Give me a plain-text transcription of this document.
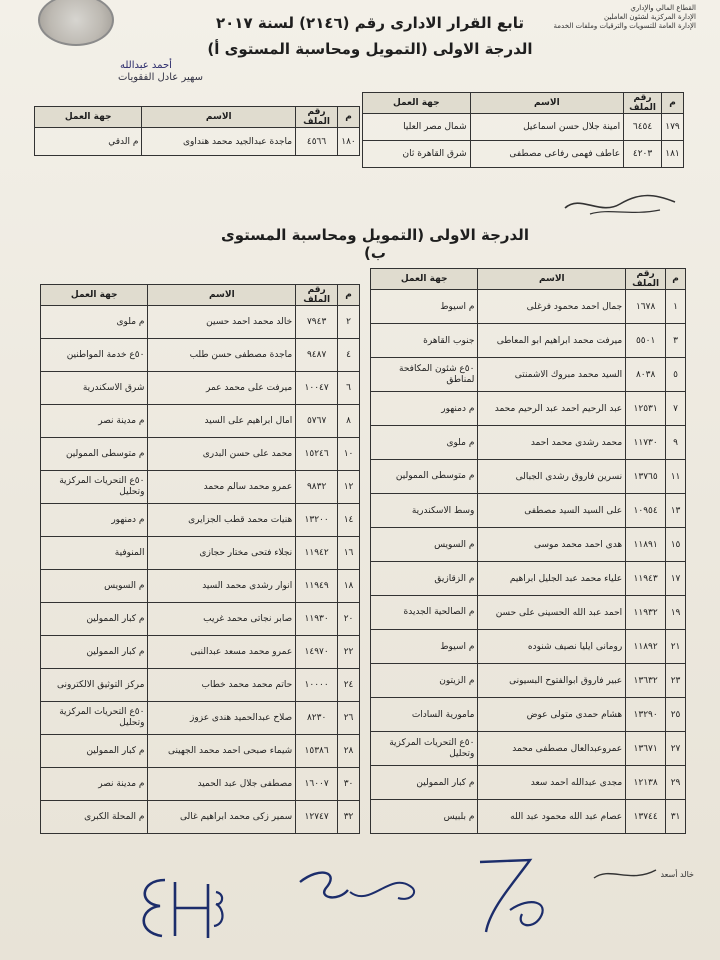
القطاع المالي والإداري
الإدارة المركزية لشئون العاملين
الإدارة العامة للتسويات والترقيات وملفات الخدمة
تابع القرار الادارى رقم (٢١٤٦) لسنة ٢٠١٧
الدرجة الاولى (التمويل ومحاسبة المستوى أ)
أحمد عبدالله
سهير عادل الفقويات
م	رقم الملف	الاسم	جهة العمل
١٧٩	٦٤٥٤	امينة جلال حسن اسماعيل	شمال مصر العليا
١٨١	٤٢٠٣	عاطف فهمى رفاعى مصطفى	شرق القاهرة ثان
م	رقم الملف	الاسم	جهة العمل
١٨٠	٤٥٦٦	ماجدة عبدالجيد محمد هنداوى	م الدقي
الدرجة الاولى (التمويل ومحاسبة المستوى ب)
م	رقم الملف	الاسم	جهة العمل
١	١٦٧٨	جمال احمد محمود فرغلى	م اسيوط
٣	٥٥٠١	ميرفت محمد ابراهيم ابو المعاطى	جنوب القاهرة
٥	٨٠٣٨	السيد محمد مبروك الاشمنتى	٥٠ع شئون المكافحة لمناطق
٧	١٢٥٣١	عبد الرحيم احمد عبد الرحيم محمد	م دمنهور
٩	١١٧٣٠	محمد رشدى محمد احمد	م ملوى
١١	١٣٧٦٥	نسرين فاروق رشدى الجبالى	م متوسطى الممولين
١٣	١٠٩٥٤	على السيد السيد مصطفى	وسط الاسكندرية
١٥	١١٨٩١	هدى احمد محمد موسى	م السويس
١٧	١١٩٤٣	علياء محمد عبد الجليل ابراهيم	م الزقازيق
١٩	١١٩٣٢	احمد عبد الله الحسينى على حسن	م الصالحية الجديدة
٢١	١١٨٩٢	رومانى ايليا نصيف شنوده	م اسيوط
٢٣	١٣٦٣٢	عبير فاروق ابوالفتوح البسيونى	م الزيتون
٢٥	١٣٢٩٠	هشام حمدى متولى عوض	مامورية السادات
٢٧	١٣٦٧١	عمروعبدالعال مصطفى محمد	٥٠ع التحريات المركزية وتحليل
٢٩	١٢١٣٨	مجدى عبدالله احمد سعد	م كبار الممولين
٣١	١٣٧٤٤	عصام عبد الله محمود عبد الله	م بلبيس
م	رقم الملف	الاسم	جهة العمل
٢	٧٩٤٣	خالد محمد احمد حسين	م ملوى
٤	٩٤٨٧	ماجدة مصطفى حسن طلب	٥٠ع خدمة المواطنين
٦	١٠٠٤٧	ميرفت على محمد عمر	شرق الاسكندرية
٨	٥٧٦٧	امال ابراهيم على السيد	م مدينة نصر
١٠	١٥٢٤٦	محمد على حسن البدرى	م متوسطى الممولين
١٢	٩٨٣٢	عمرو محمد سالم محمد	٥٠ع التحريات المركزية وتحليل
١٤	١٣٢٠٠	هنيات محمد قطب الجزايرى	م دمنهور
١٦	١١٩٤٢	نجلاء فتحى مختار حجازى	المنوفية
١٨	١١٩٤٩	انوار رشدى محمد السيد	م السويس
٢٠	١١٩٣٠	صابر نجاتى محمد غريب	م كبار الممولين
٢٢	١٤٩٧٠	عمرو محمد مسعد عبدالنبى	م كبار الممولين
٢٤	١٠٠٠٠	حاتم محمد محمد خطاب	مركز التوثيق الالكترونى
٢٦	٨٢٣٠	صلاح عبدالحميد هندى عزوز	٥٠ع التحريات المركزية وتحليل
٢٨	١٥٣٨٦	شيماء صبحى احمد محمد الجهينى	م كبار الممولين
٣٠	١٦٠٠٧	مصطفى جلال عبد الحميد	م مدينة نصر
٣٢	١٢٧٤٧	سمير زكى محمد ابراهيم غالى	م المحلة الكبرى
خالد أسعد
